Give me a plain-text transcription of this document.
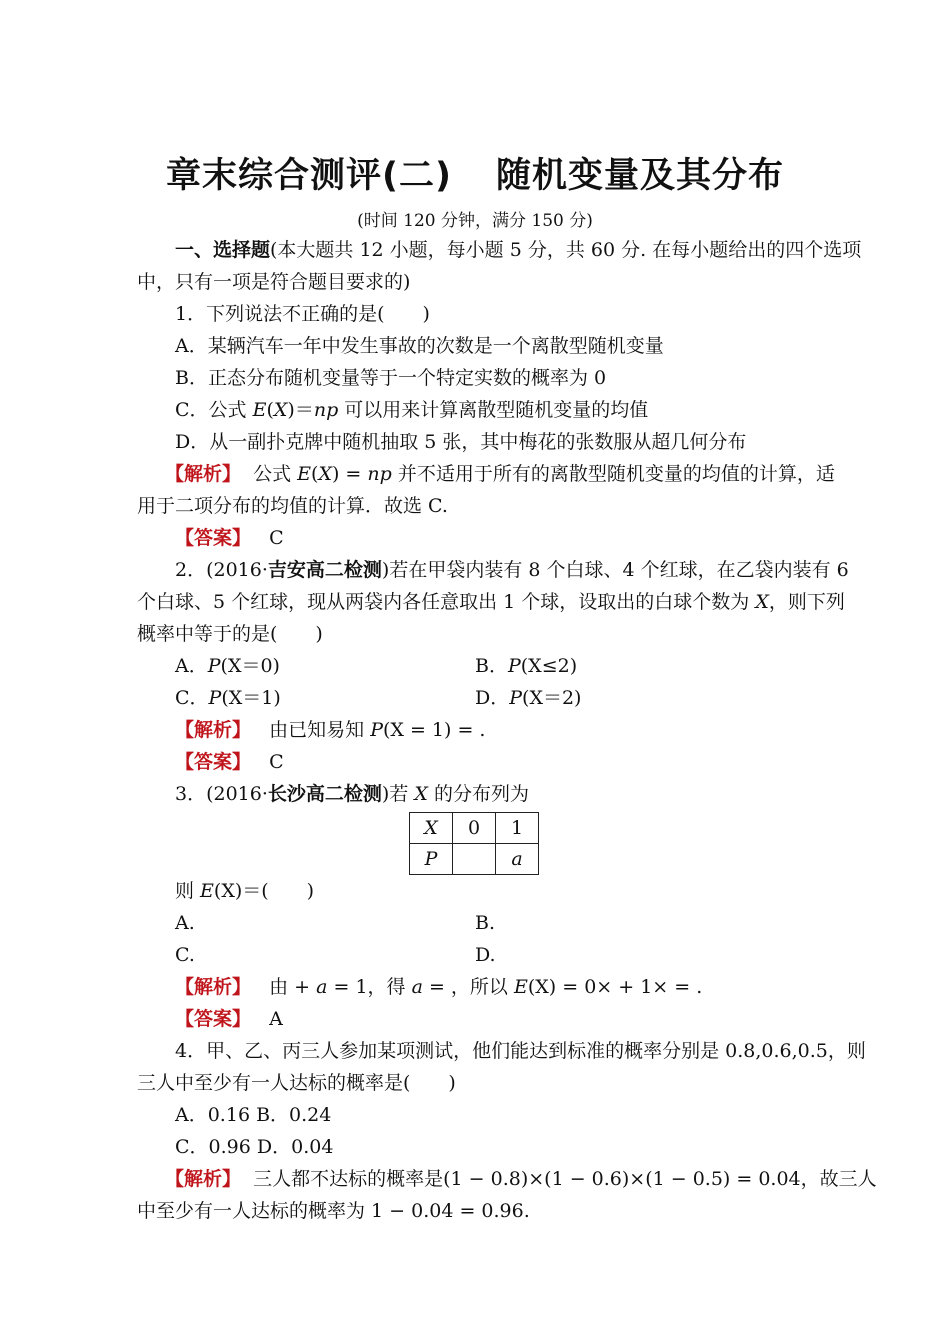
章末综合测评(二) 随机变量及其分布
(时间 120 分钟，满分 150 分)
一、选择题(本大题共 12 小题，每小题 5 分，共 60 分. 在每小题给出的四个选项
中，只有一项是符合题目要求的)
1．下列说法不正确的是(　　)
A．某辆汽车一年中发生事故的次数是一个离散型随机变量
B．正态分布随机变量等于一个特定实数的概率为 0
C．公式 E(X)＝np 可以用来计算离散型随机变量的均值
D．从一副扑克牌中随机抽取 5 张，其中梅花的张数服从超几何分布
【解析】 公式 E(X) = np 并不适用于所有的离散型随机变量的均值的计算，适
用于二项分布的均值的计算．故选 C.
【答案】 C
2．(2016·吉安高二检测)若在甲袋内装有 8 个白球、4 个红球，在乙袋内装有 6
个白球、5 个红球，现从两袋内各任意取出 1 个球，设取出的白球个数为 X，则下列
概率中等于的是(　　)
A．P(X＝0)	B．P(X≤2)
C．P(X＝1)	D．P(X＝2)
【解析】 由已知易知 P(X = 1) = .
【答案】 C
3．(2016·长沙高二检测)若 X 的分布列为
X	0	1
P		a
则 E(X)＝(　　)
A.	B.
C.	D.
【解析】 由 + a = 1，得 a = ，所以 E(X) = 0× + 1× = .
【答案】 A
4．甲、乙、丙三人参加某项测试，他们能达到标准的概率分别是 0.8,0.6,0.5，则
三人中至少有一人达标的概率是(　　)
A．0.16 B．0.24
C．0.96 D．0.04
【解析】 三人都不达标的概率是(1 − 0.8)×(1 − 0.6)×(1 − 0.5) = 0.04，故三人
中至少有一人达标的概率为 1 − 0.04 = 0.96.
